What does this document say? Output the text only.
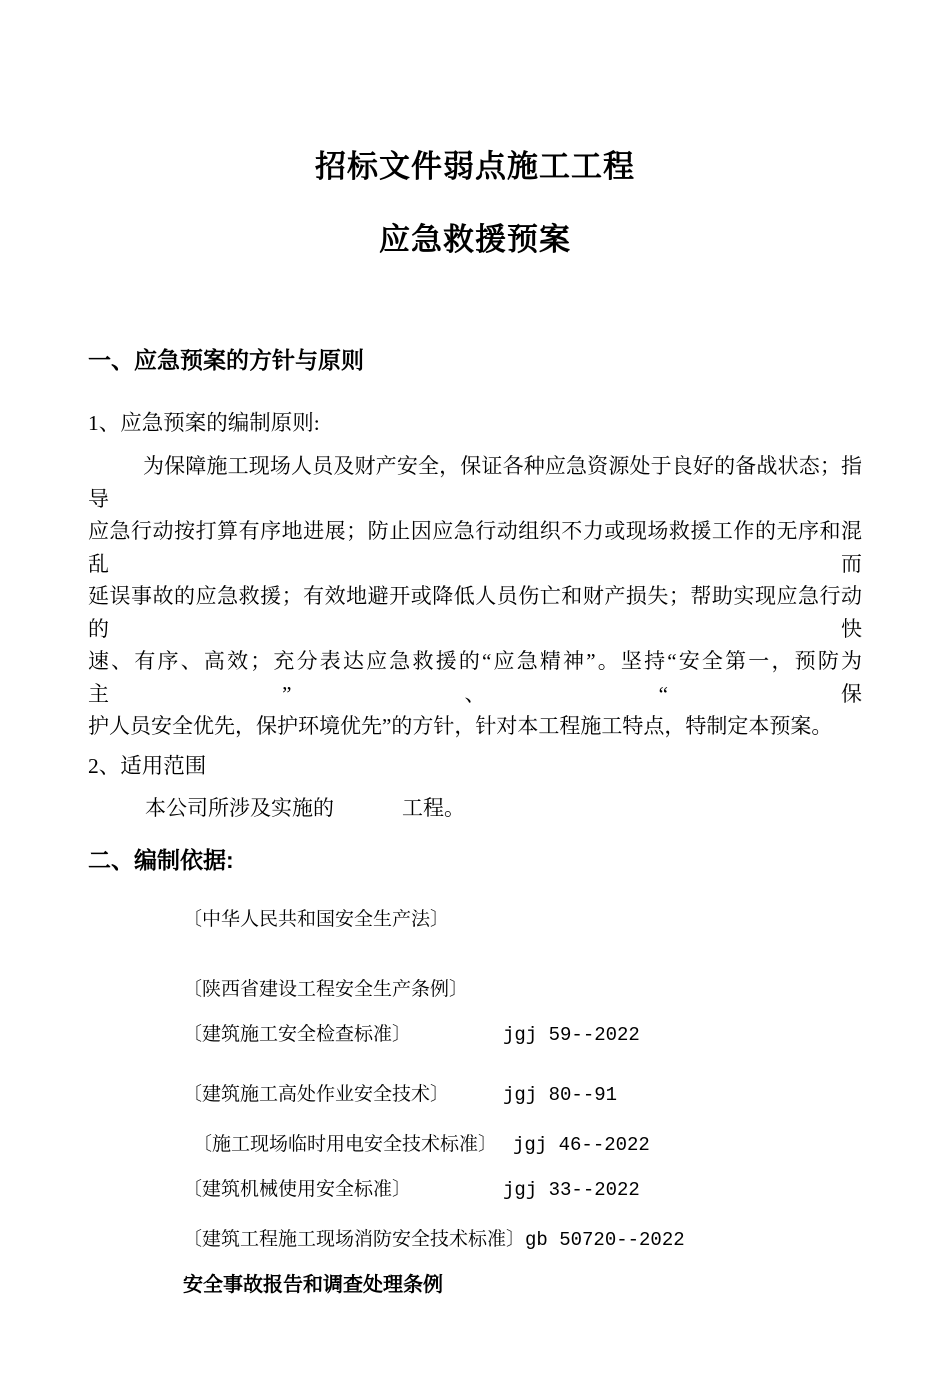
招标文件弱点施工工程
应急救援预案
一、应急预案的方针与原则
1、应急预案的编制原则:
为保障施工现场人员及财产安全，保证各种应急资源处于良好的备战状态；指导
应急行动按打算有序地进展；防止因应急行动组织不力或现场救援工作的无序和混乱而
延误事故的应急救援；有效地避开或降低人员伤亡和财产损失；帮助实现应急行动的快
速、有序、高效；充分表达应急救援的“应急精神”。坚持“安全第一，预防为主”、“保
护人员安全优先，保护环境优先”的方针，针对本工程施工特点，特制定本预案。
2、适用范围
本公司所涉及实施的	工程。
二、编制依据:
〔中华人民共和国安全生产法〕
〔陕西省建设工程安全生产条例〕
〔建筑施工安全检查标准〕	jgj 59--2022
〔建筑施工高处作业安全技术〕	jgj 80--91
〔施工现场临时用电安全技术标准〕 jgj 46--2022
〔建筑机械使用安全标准〕	jgj 33--2022
〔建筑工程施工现场消防安全技术标准〕 gb 50720--2022
安全事故报告和调查处理条例
